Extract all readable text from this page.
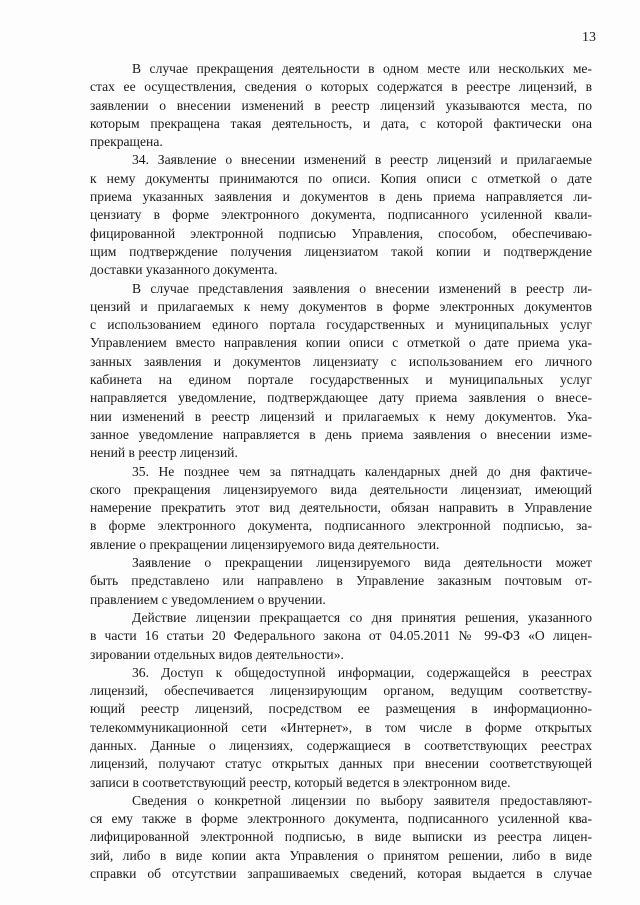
13
В случае прекращения деятельности в одном месте или нескольких ме-
стах ее осуществления, сведения о которых содержатся в реестре лицензий, в
заявлении о внесении изменений в реестр лицензий указываются места, по
которым прекращена такая деятельность, и дата, с которой фактически она
прекращена.
34. Заявление о внесении изменений в реестр лицензий и прилагаемые
к нему документы принимаются по описи. Копия описи с отметкой о дате
приема указанных заявления и документов в день приема направляется ли-
цензиату в форме электронного документа, подписанного усиленной квали-
фицированной электронной подписью Управления, способом, обеспечиваю-
щим подтверждение получения лицензиатом такой копии и подтверждение
доставки указанного документа.
В случае представления заявления о внесении изменений в реестр ли-
цензий и прилагаемых к нему документов в форме электронных документов
с использованием единого портала государственных и муниципальных услуг
Управлением вместо направления копии описи с отметкой о дате приема ука-
занных заявления и документов лицензиату с использованием его личного
кабинета на едином портале государственных и муниципальных услуг
направляется уведомление, подтверждающее дату приема заявления о внесе-
нии изменений в реестр лицензий и прилагаемых к нему документов. Ука-
занное уведомление направляется в день приема заявления о внесении изме-
нений в реестр лицензий.
35. Не позднее чем за пятнадцать календарных дней до дня фактиче-
ского прекращения лицензируемого вида деятельности лицензиат, имеющий
намерение прекратить этот вид деятельности, обязан направить в Управление
в форме электронного документа, подписанного электронной подписью, за-
явление о прекращении лицензируемого вида деятельности.
Заявление о прекращении лицензируемого вида деятельности может
быть представлено или направлено в Управление заказным почтовым от-
правлением с уведомлением о вручении.
Действие лицензии прекращается со дня принятия решения, указанного
в части 16 статьи 20 Федерального закона от 04.05.2011 № 99-ФЗ «О лицен-
зировании отдельных видов деятельности».
36. Доступ к общедоступной информации, содержащейся в реестрах
лицензий, обеспечивается лицензирующим органом, ведущим соответству-
ющий реестр лицензий, посредством ее размещения в информационно-
телекоммуникационной сети «Интернет», в том числе в форме открытых
данных. Данные о лицензиях, содержащиеся в соответствующих реестрах
лицензий, получают статус открытых данных при внесении соответствующей
записи в соответствующий реестр, который ведется в электронном виде.
Сведения о конкретной лицензии по выбору заявителя предоставляют-
ся ему также в форме электронного документа, подписанного усиленной ква-
лифицированной электронной подписью, в виде выписки из реестра лицен-
зий, либо в виде копии акта Управления о принятом решении, либо в виде
справки об отсутствии запрашиваемых сведений, которая выдается в случае
